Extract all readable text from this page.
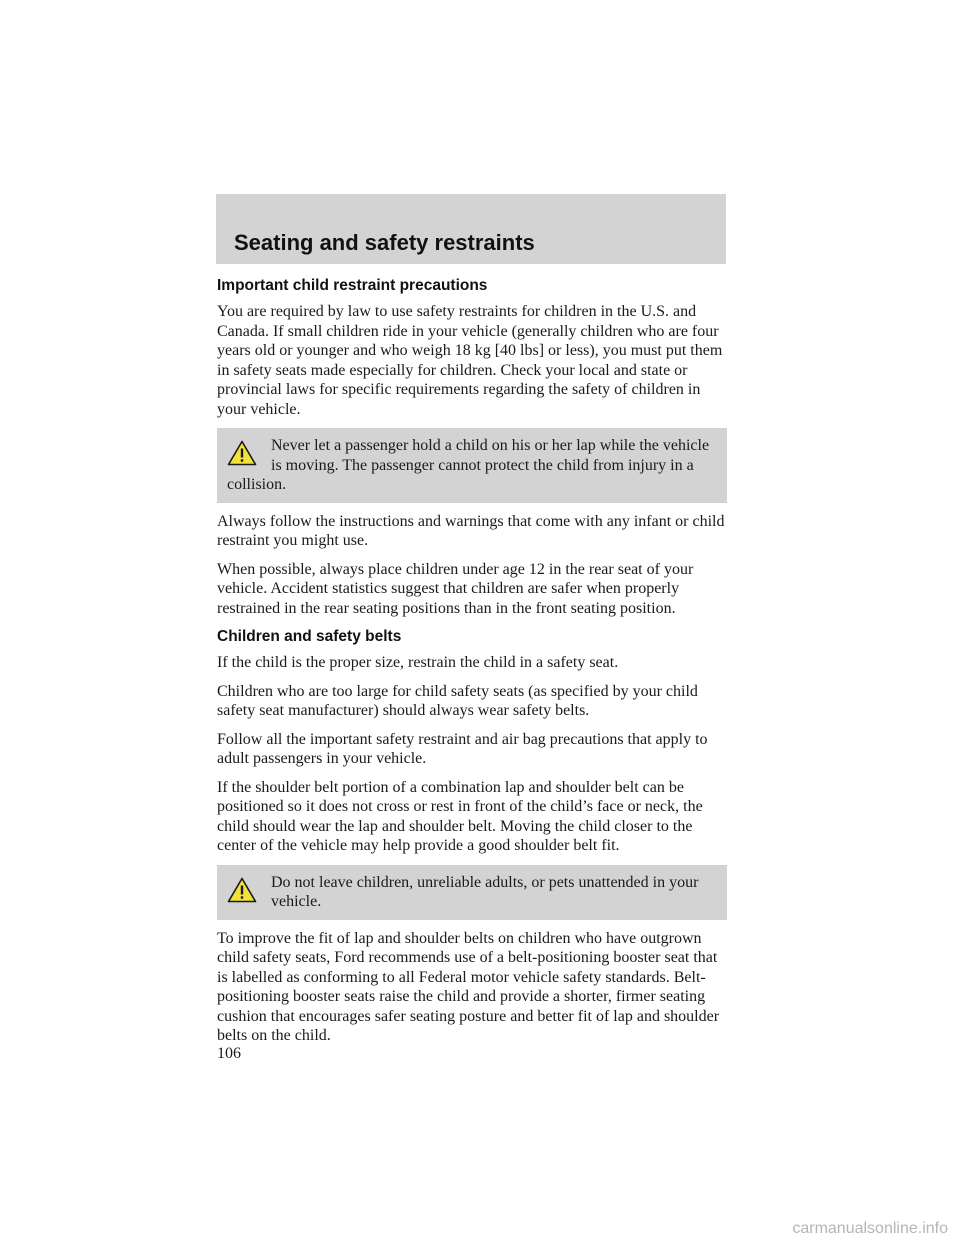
Seating and safety restraints
Important child restraint precautions

You are required by law to use safety restraints for children in the U.S. and Canada. If small children ride in your vehicle (generally children who are four years old or younger and who weigh 18 kg [40 lbs] or less), you must put them in safety seats made especially for children. Check your local and state or provincial laws for specific requirements regarding the safety of children in your vehicle.

Never let a passenger hold a child on his or her lap while the vehicle is moving. The passenger cannot protect the child from injury in a collision.

Always follow the instructions and warnings that come with any infant or child restraint you might use.

When possible, always place children under age 12 in the rear seat of your vehicle. Accident statistics suggest that children are safer when properly restrained in the rear seating positions than in the front seating position.

Children and safety belts

If the child is the proper size, restrain the child in a safety seat.

Children who are too large for child safety seats (as specified by your child safety seat manufacturer) should always wear safety belts.

Follow all the important safety restraint and air bag precautions that apply to adult passengers in your vehicle.

If the shoulder belt portion of a combination lap and shoulder belt can be positioned so it does not cross or rest in front of the child’s face or neck, the child should wear the lap and shoulder belt. Moving the child closer to the center of the vehicle may help provide a good shoulder belt fit.

Do not leave children, unreliable adults, or pets unattended in your vehicle.

To improve the fit of lap and shoulder belts on children who have outgrown child safety seats, Ford recommends use of a belt-positioning booster seat that is labelled as conforming to all Federal motor vehicle safety standards. Belt-positioning booster seats raise the child and provide a shorter, firmer seating cushion that encourages safer seating posture and better fit of lap and shoulder belts on the child.

106
carmanualsonline.info
